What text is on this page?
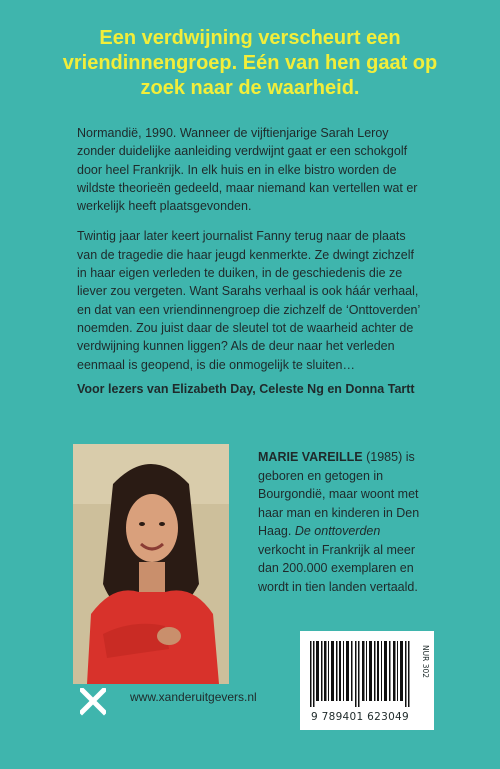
Een verdwijning verscheurt een
vriendinnengroep. Eén van hen gaat op
zoek naar de waarheid.

Normandië, 1990. Wanneer de vijftienjarige Sarah Leroy zonder duidelijke aanleiding verdwijnt gaat er een schokgolf door heel Frankrijk. In elk huis en in elke bistro worden de wildste theorieën gedeeld, maar niemand kan vertellen wat er werkelijk heeft plaatsgevonden.

Twintig jaar later keert journalist Fanny terug naar de plaats van de tragedie die haar jeugd kenmerkte. Ze dwingt zichzelf in haar eigen verleden te duiken, in de geschiedenis die ze liever zou vergeten. Want Sarahs verhaal is ook háár verhaal, en dat van een vriendinnengroep die zichzelf de ‘Onttoverden’ noemden. Zou juist daar de sleutel tot de waarheid achter de verdwijning kunnen liggen? Als de deur naar het verleden eenmaal is geopend, is die onmogelijk te sluiten…

Voor lezers van Elizabeth Day, Celeste Ng en Donna Tartt
MARIE VAREILLE (1985) is geboren en getogen in Bourgondië, maar woont met haar man en kinderen in Den Haag. De onttoverden verkocht in Frankrijk al meer dan 200.000 exemplaren en wordt in tien landen vertaald.
9 789401 623049
NUR 302
www.xanderuitgevers.nl
